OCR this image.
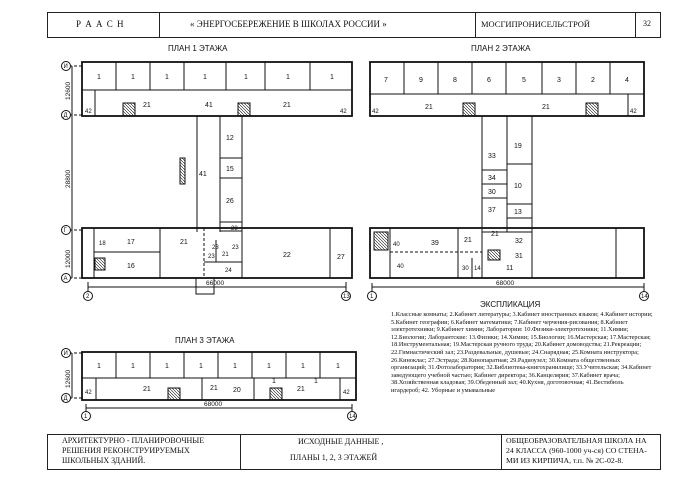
Р А А С Н	« ЭНЕРГОСБЕРЕЖЕНИЕ В ШКОЛАХ РОССИИ »	МОСГИПРОНИСЕЛЬСТРОЙ	32
ПЛАН 1 ЭТАЖА	ПЛАН 2 ЭТАЖА
ПЛАН 3 ЭТАЖА
И
Д
Г
А
12600
28800
12000
66000
2	13
1	1	1	1	1	1	1
42
21	41	21
42
12
15
41
26
23
28
23
18	17	21
16
22
21
23
24
27
68000
1	14
7	9	8	6	5	3	2	4
42
21	21
42
33
19
34
30
10
37	13
21
40	39	21	32
40	30 14	11
31
И
Д
12600
68000
1	14
1	1	1	1	1	1	1	1
21	21	21
42	20	42
1	1
ЭКСПЛИКАЦИЯ
1.Классные комнаты; 2.Кабинет литературы; 3.Кабинет иностранных языков; 4.Кабинет истории; 5.Кабинет географии; 6.Кабинет математики; 7.Кабинет черчения-рисования; 8.Кабинет электротехники; 9.Кабинет химии; Лаборатории: 10.Физики-электротехники; 11.Химии; 12.Биологии; Лаборантские: 13.Физики; 14.Химии; 15.Биологии; 16.Мастерская; 17.Мастерская; 18.Инструментальная; 19.Мастерская ручного труда; 20.Кабинет домоводства; 21.Рекреации; 22.Гимнастический зал; 23.Раздевальные, душевые; 24.Снарядная; 25.Комната инструктора; 26.Киноклас; 27.Эстрада; 28.Кинопаратная; 29.Радиоузел; 30.Комната общественных организаций; 31.Фотолаборатория; 32.Библиотека-книгохранилище; 33.Учительская; 34.Кабинет заведующего учебной частью; Кабинет директора; 36.Канцелярия; 37.Кабинет врача; 38.Хозяйственная кладовая; 39.Обеденный зал; 40.Кухня, доготовочная; 41.Вестибюль игардероб; 42. Уборные и умывальные
АРХИТЕКТУРНО - ПЛАНИРОВОЧНЫЕ
РЕШЕНИЯ РЕКОНСТРУИРУЕМЫХ
ШКОЛЬНЫХ ЗДАНИЙ.
ИСХОДНЫЕ ДАННЫЕ ,
ПЛАНЫ 1, 2, 3 ЭТАЖЕЙ
ОБЩЕОБРАЗОВАТЕЛЬНАЯ ШКОЛА НА
24 КЛАССА (960-1000 уч-ся) СО СТЕНА-
МИ ИЗ КИРПИЧА, т.п. № 2С-02-8.
